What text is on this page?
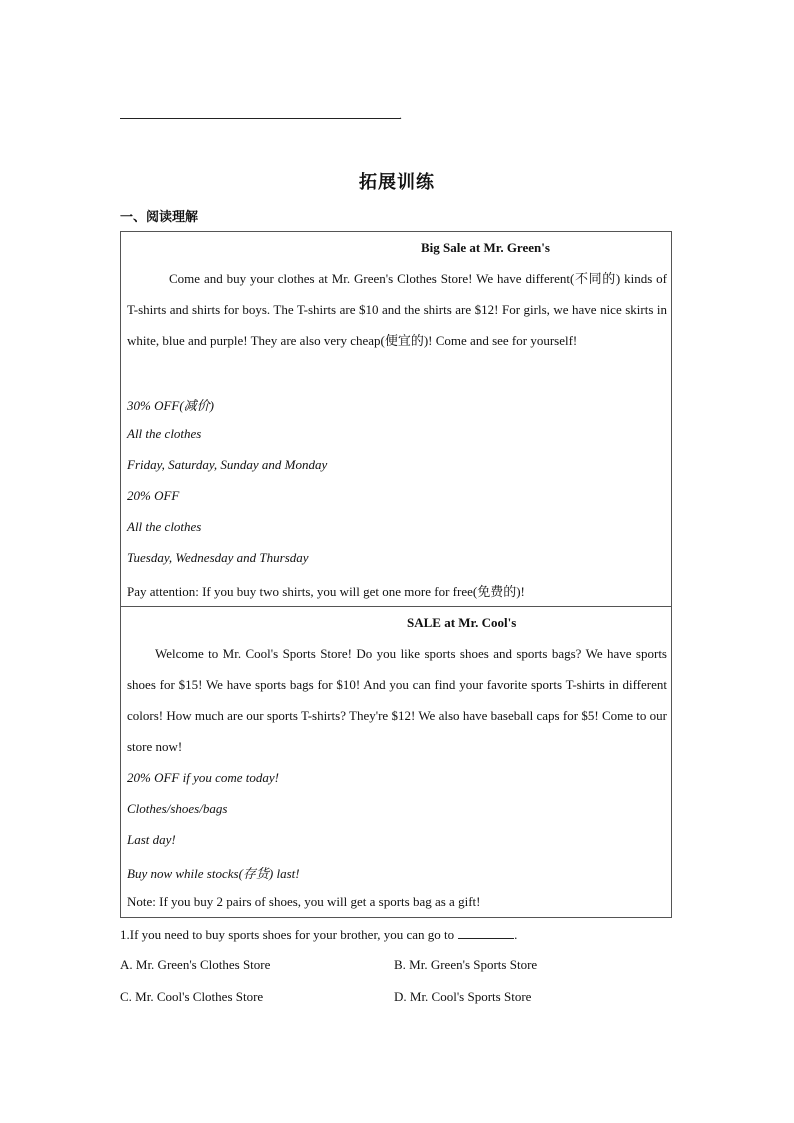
.
拓展训练
一、阅读理解
Big Sale at Mr. Green's
Come and buy your clothes at Mr. Green's Clothes Store! We have different(不同的) kinds of T-shirts and shirts for boys. The T-shirts are $10 and the shirts are $12! For girls, we have nice skirts in white, blue and purple! They are also very cheap(便宜的)! Come and see for yourself!
30% OFF(减价)
All the clothes
Friday, Saturday, Sunday and Monday
20% OFF
All the clothes
Tuesday, Wednesday and Thursday
Pay attention: If you buy two shirts, you will get one more for free(免费的)!
SALE at Mr. Cool's
Welcome to Mr. Cool's Sports Store! Do you like sports shoes and sports bags? We have sports shoes for $15! We have sports bags for $10! And you can find your favorite sports T-shirts in different colors! How much are our sports T-shirts? They're $12! We also have baseball caps for $5! Come to our store now!
20% OFF if you come today!
Clothes/shoes/bags
Last day!
Buy now while stocks(存货) last!
Note: If you buy 2 pairs of shoes, you will get a sports bag as a gift!
1.If you need to buy sports shoes for your brother, you can go to	.
A. Mr. Green's Clothes Store	B. Mr. Green's Sports Store
C. Mr. Cool's Clothes Store	D. Mr. Cool's Sports Store
